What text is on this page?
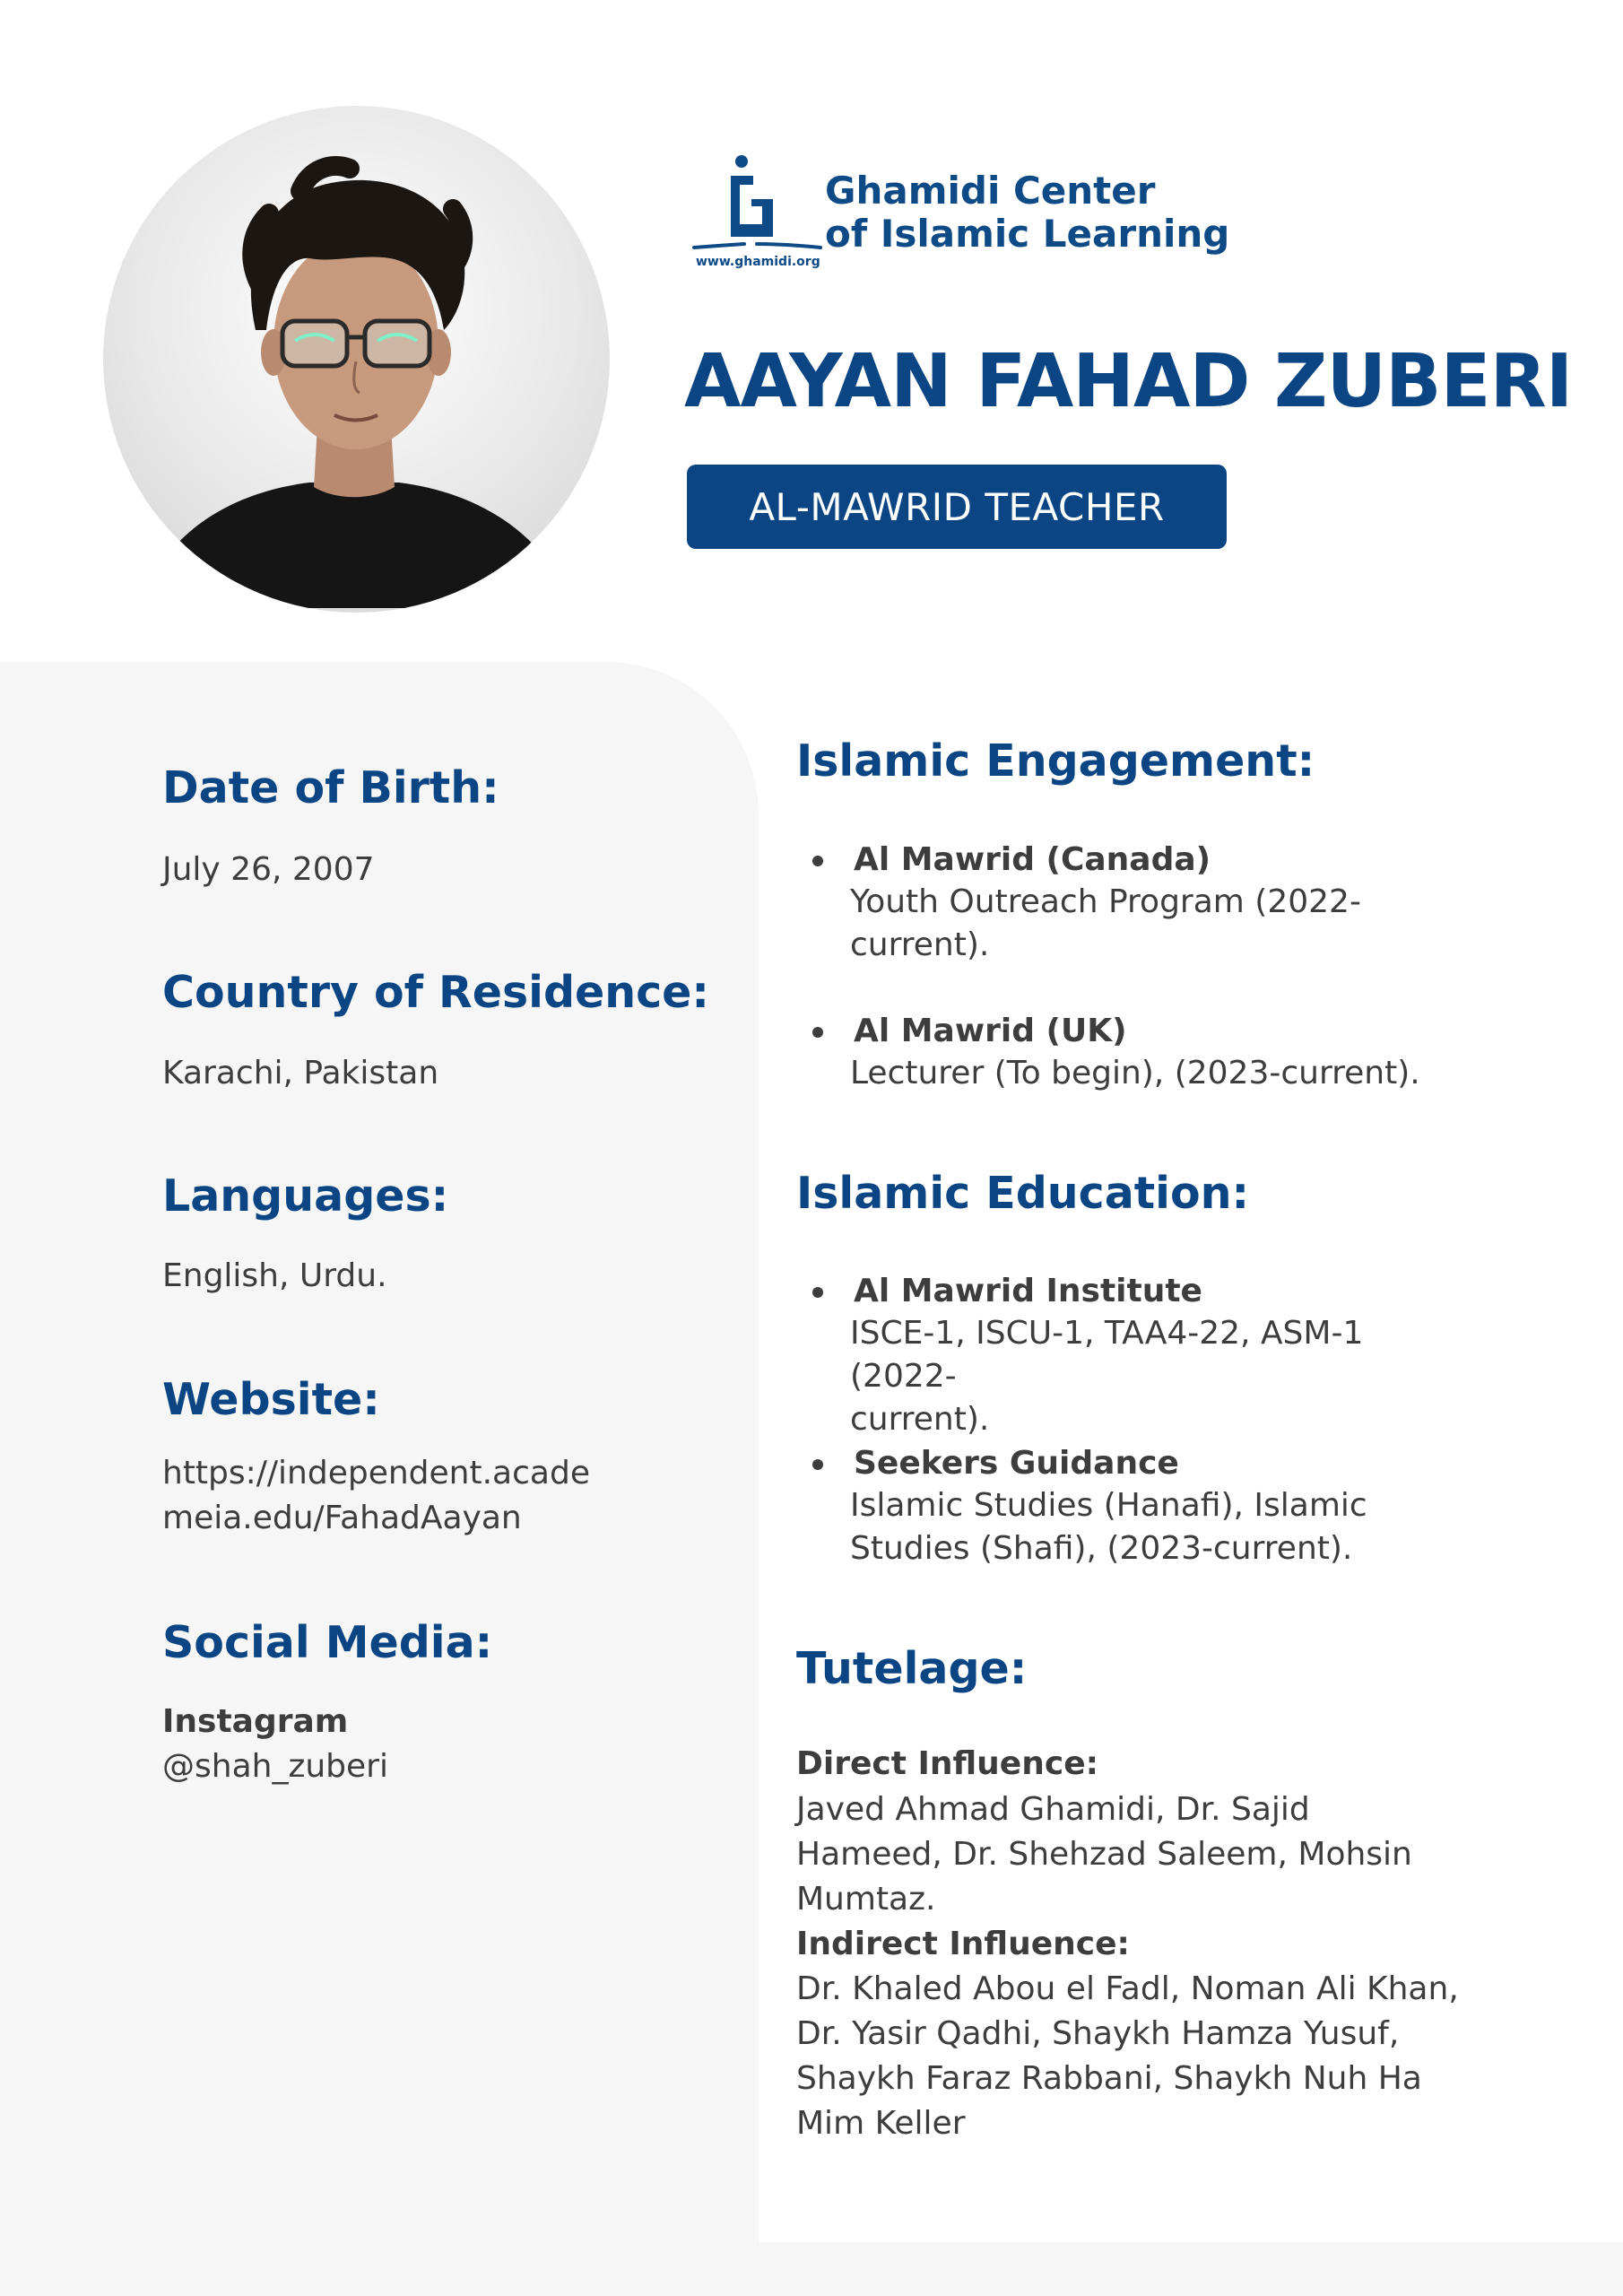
Ghamidi Center
of Islamic Learning
www.ghamidi.org
AAYAN FAHAD ZUBERI
AL-MAWRID TEACHER
Date of Birth:

July 26, 2007

Country of Residence:

Karachi, Pakistan

Languages:

English, Urdu.

Website:

https://independent.acade

meia.edu/FahadAayan

Social Media:

Instagram

@shah_zuberi

Islamic Engagement:
Al Mawrid (Canada)
Youth Outreach Program (2022-
current).
Al Mawrid (UK)
Lecturer (To begin), (2023-current).
Islamic Education:
Al Mawrid Institute
ISCE-1, ISCU-1, TAA4-22, ASM-1 (2022-
current).
Seekers Guidance
Islamic Studies (Hanafi), Islamic
Studies (Shafi), (2023-current).
Tutelage:

Direct Influence:

Javed Ahmad Ghamidi, Dr. Sajid

Hameed, Dr. Shehzad Saleem, Mohsin

Mumtaz.

Indirect Influence:

Dr. Khaled Abou el Fadl, Noman Ali Khan,

Dr. Yasir Qadhi, Shaykh Hamza Yusuf,

Shaykh Faraz Rabbani, Shaykh Nuh Ha

Mim Keller
